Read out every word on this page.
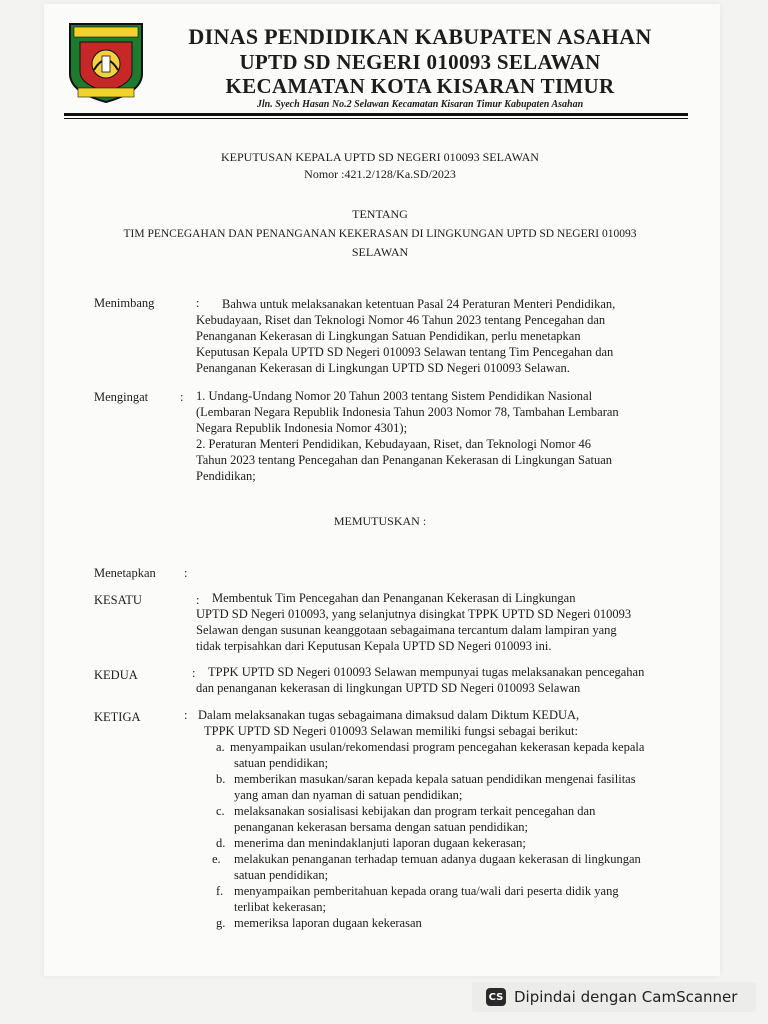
DINAS PENDIDIKAN KABUPATEN ASAHAN
UPTD SD NEGERI 010093 SELAWAN
KECAMATAN KOTA KISARAN TIMUR
Jln. Syech Hasan No.2 Selawan Kecamatan Kisaran Timur Kabupaten Asahan
KEPUTUSAN KEPALA UPTD SD NEGERI 010093 SELAWAN
Nomor :421.2/128/Ka.SD/2023
TENTANG
TIM PENCEGAHAN DAN PENANGANAN KEKERASAN DI LINGKUNGAN UPTD SD NEGERI 010093
SELAWAN
Menimbang	:	Bahwa untuk melaksanakan ketentuan Pasal 24 Peraturan Menteri Pendidikan,
Kebudayaan, Riset dan Teknologi Nomor 46 Tahun 2023 tentang Pencegahan dan
Penanganan Kekerasan di Lingkungan Satuan Pendidikan, perlu menetapkan
Keputusan Kepala UPTD SD Negeri 010093 Selawan tentang Tim Pencegahan dan
Penanganan Kekerasan di Lingkungan UPTD SD Negeri 010093 Selawan.
Mengingat	: 1. Undang-Undang Nomor 20 Tahun 2003 tentang Sistem Pendidikan Nasional
(Lembaran Negara Republik Indonesia Tahun 2003 Nomor 78, Tambahan Lembaran
Negara Republik Indonesia Nomor 4301);
2. Peraturan Menteri Pendidikan, Kebudayaan, Riset, dan Teknologi Nomor 46
Tahun 2023 tentang Pencegahan dan Penanganan Kekerasan di Lingkungan Satuan
Pendidikan;
MEMUTUSKAN :
Menetapkan :
KESATU	:	Membentuk Tim Pencegahan dan Penanganan Kekerasan di Lingkungan
UPTD SD Negeri 010093, yang selanjutnya disingkat TPPK UPTD SD Negeri 010093
Selawan dengan susunan keanggotaan sebagaimana tercantum dalam lampiran yang
tidak terpisahkan dari Keputusan Kepala UPTD SD Negeri 010093 ini.
KEDUA	:	TPPK UPTD SD Negeri 010093 Selawan mempunyai tugas melaksanakan pencegahan
dan penanganan kekerasan di lingkungan UPTD SD Negeri 010093 Selawan
KETIGA	: Dalam melaksanakan tugas sebagaimana dimaksud dalam Diktum KEDUA,
TPPK UPTD SD Negeri 010093 Selawan memiliki fungsi sebagai berikut:
a. menyampaikan usulan/rekomendasi program pencegahan kekerasan kepada kepala
satuan pendidikan;
b. memberikan masukan/saran kepada kepala satuan pendidikan mengenai fasilitas
yang aman dan nyaman di satuan pendidikan;
c. melaksanakan sosialisasi kebijakan dan program terkait pencegahan dan
penanganan kekerasan bersama dengan satuan pendidikan;
d. menerima dan menindaklanjuti laporan dugaan kekerasan;
e. melakukan penanganan terhadap temuan adanya dugaan kekerasan di lingkungan
satuan pendidikan;
f. menyampaikan pemberitahuan kepada orang tua/wali dari peserta didik yang
terlibat kekerasan;
g. memeriksa laporan dugaan kekerasan
CS Dipindai dengan CamScanner
